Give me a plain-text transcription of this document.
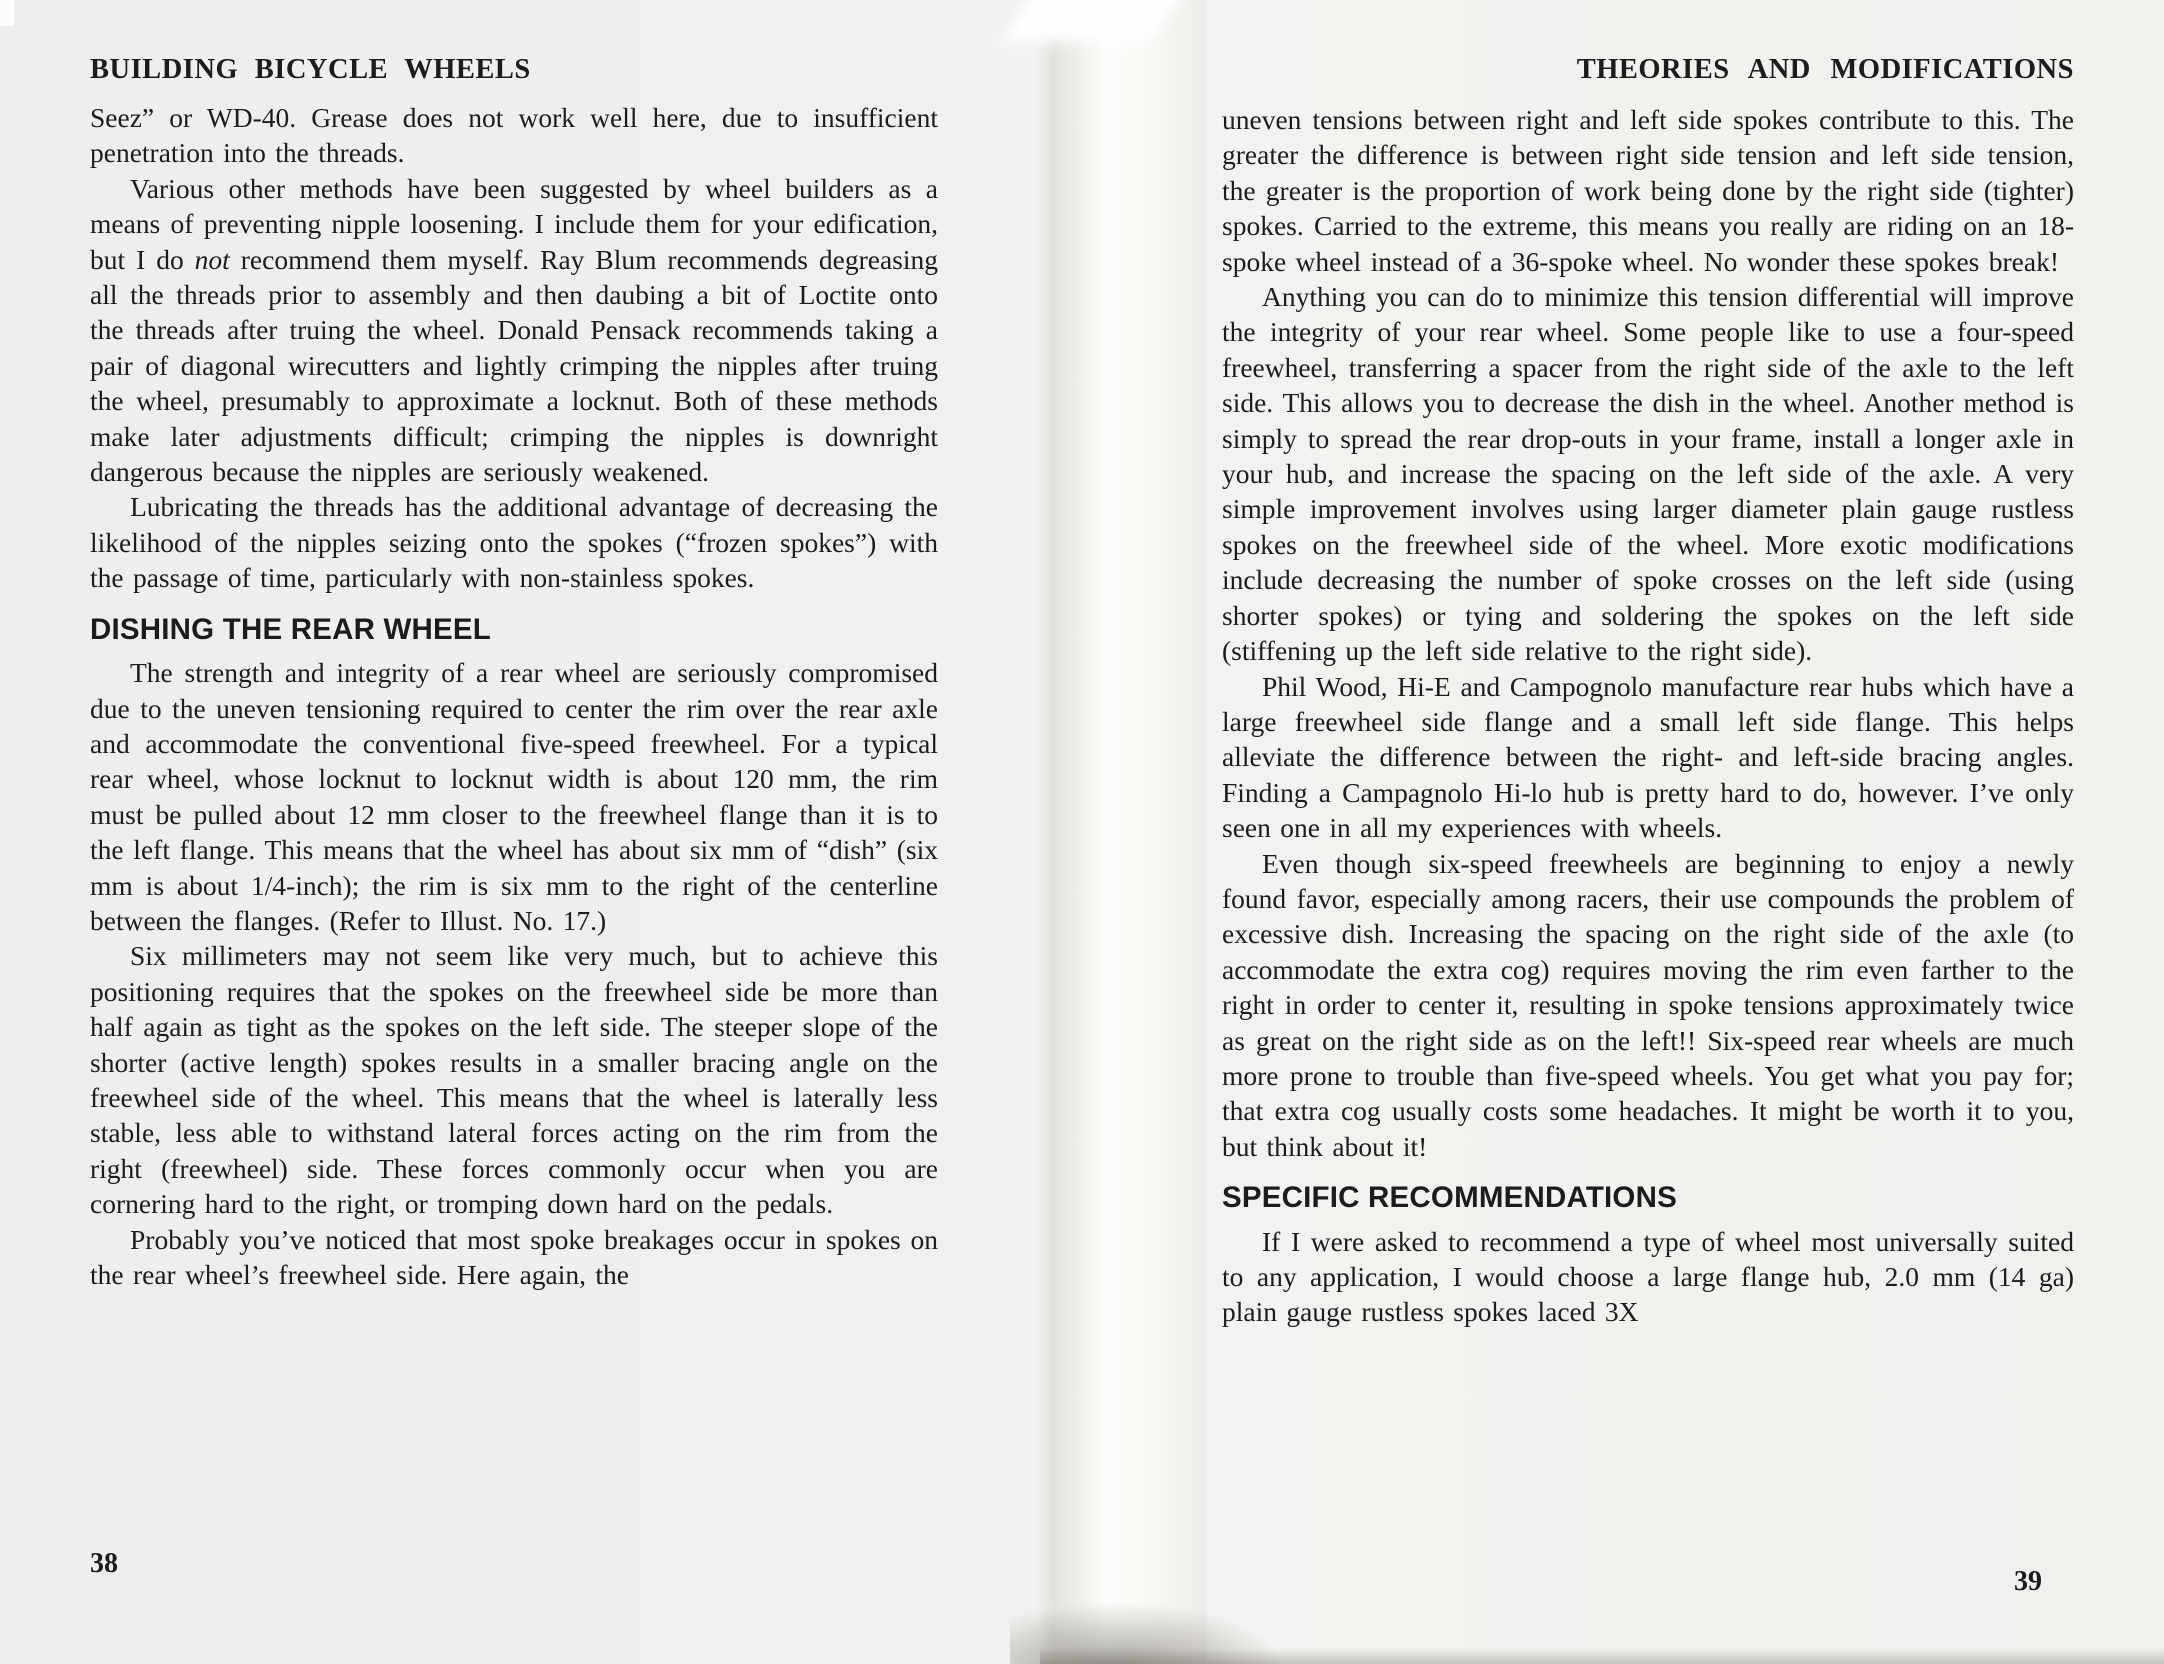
BUILDING BICYCLE WHEELS

Seez” or WD-40. Grease does not work well here, due to insufficient penetration into the threads.

Various other methods have been suggested by wheel builders as a means of preventing nipple loosening. I include them for your edification, but I do not recommend them myself. Ray Blum recommends degreasing all the threads prior to assembly and then daubing a bit of Loctite onto the threads after truing the wheel. Donald Pensack recommends taking a pair of diagonal wirecutters and lightly crimping the nipples after truing the wheel, presumably to approximate a locknut. Both of these methods make later adjustments difficult; crimping the nipples is downright dangerous because the nipples are seriously weakened.

Lubricating the threads has the additional advantage of decreasing the likelihood of the nipples seizing onto the spokes (“frozen spokes”) with the passage of time, particularly with non-stainless spokes.

DISHING THE REAR WHEEL

The strength and integrity of a rear wheel are seriously compromised due to the uneven tensioning required to center the rim over the rear axle and accommodate the conventional five-speed freewheel. For a typical rear wheel, whose locknut to locknut width is about 120 mm, the rim must be pulled about 12 mm closer to the freewheel flange than it is to the left flange. This means that the wheel has about six mm of “dish” (six mm is about 1/4-inch); the rim is six mm to the right of the centerline between the flanges. (Refer to Illust. No. 17.)

Six millimeters may not seem like very much, but to achieve this positioning requires that the spokes on the freewheel side be more than half again as tight as the spokes on the left side. The steeper slope of the shorter (active length) spokes results in a smaller bracing angle on the freewheel side of the wheel. This means that the wheel is laterally less stable, less able to withstand lateral forces acting on the rim from the right (freewheel) side. These forces commonly occur when you are cornering hard to the right, or tromping down hard on the pedals.

Probably you’ve noticed that most spoke breakages occur in spokes on the rear wheel’s freewheel side. Here again, the

THEORIES AND MODIFICATIONS

uneven tensions between right and left side spokes contribute to this. The greater the difference is between right side tension and left side tension, the greater is the proportion of work being done by the right side (tighter) spokes. Carried to the extreme, this means you really are riding on an 18-spoke wheel instead of a 36-spoke wheel. No wonder these spokes break!

Anything you can do to minimize this tension differential will improve the integrity of your rear wheel. Some people like to use a four-speed freewheel, transferring a spacer from the right side of the axle to the left side. This allows you to decrease the dish in the wheel. Another method is simply to spread the rear drop-outs in your frame, install a longer axle in your hub, and increase the spacing on the left side of the axle. A very simple improvement involves using larger diameter plain gauge rustless spokes on the freewheel side of the wheel. More exotic modifications include decreasing the number of spoke crosses on the left side (using shorter spokes) or tying and soldering the spokes on the left side (stiffening up the left side relative to the right side).

Phil Wood, Hi-E and Campognolo manufacture rear hubs which have a large freewheel side flange and a small left side flange. This helps alleviate the difference between the right- and left-side bracing angles. Finding a Campagnolo Hi-lo hub is pretty hard to do, however. I’ve only seen one in all my experiences with wheels.

Even though six-speed freewheels are beginning to enjoy a newly found favor, especially among racers, their use compounds the problem of excessive dish. Increasing the spacing on the right side of the axle (to accommodate the extra cog) requires moving the rim even farther to the right in order to center it, resulting in spoke tensions approximately twice as great on the right side as on the left!! Six-speed rear wheels are much more prone to trouble than five-speed wheels. You get what you pay for; that extra cog usually costs some headaches. It might be worth it to you, but think about it!

SPECIFIC RECOMMENDATIONS

If I were asked to recommend a type of wheel most universally suited to any application, I would choose a large flange hub, 2.0 mm (14 ga) plain gauge rustless spokes laced 3X

38
39
